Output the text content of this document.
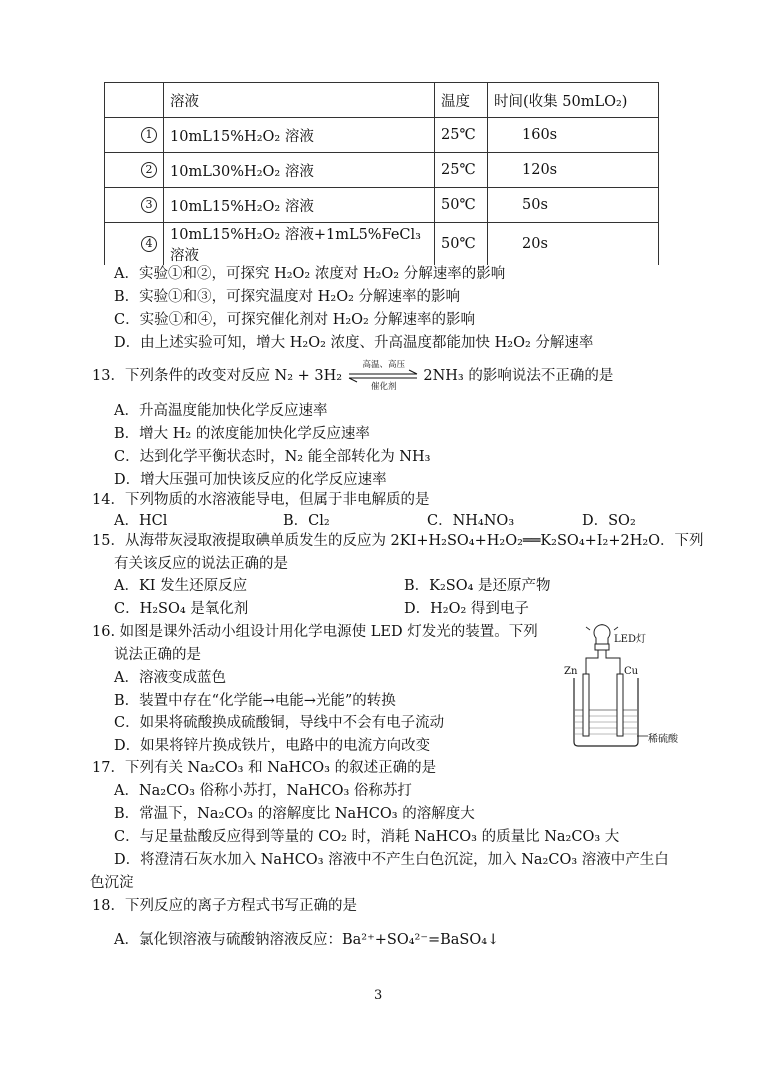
	溶液	温度	时间(收集 50mLO₂)
1	10mL15%H₂O₂ 溶液	25℃	160s
2	10mL30%H₂O₂ 溶液	25℃	120s
3	10mL15%H₂O₂ 溶液	50℃	50s
4	10mL15%H₂O₂ 溶液+1mL5%FeCl₃ 溶液	50℃	20s
A．实验①和②，可探究 H₂O₂ 浓度对 H₂O₂ 分解速率的影响
B．实验①和③，可探究温度对 H₂O₂ 分解速率的影响
C．实验①和④，可探究催化剂对 H₂O₂ 分解速率的影响
D．由上述实验可知，增大 H₂O₂ 浓度、升高温度都能加快 H₂O₂ 分解速率
13．下列条件的改变对反应 N₂ + 3H₂
高温、高压
催化剂
2NH₃ 的影响说法不正确的是
A．升高温度能加快化学反应速率
B．增大 H₂ 的浓度能加快化学反应速率
C．达到化学平衡状态时，N₂ 能全部转化为 NH₃
D．增大压强可加快该反应的化学反应速率
14．下列物质的水溶液能导电，但属于非电解质的是
A．HCl	B．Cl₂	C．NH₄NO₃	D．SO₂
15．从海带灰浸取液提取碘单质发生的反应为 2KI+H₂SO₄+H₂O₂══K₂SO₄+I₂+2H₂O．下列
有关该反应的说法正确的是
A．KI 发生还原反应	B．K₂SO₄ 是还原产物
C．H₂SO₄ 是氧化剂	D．H₂O₂ 得到电子
16. 如图是课外活动小组设计用化学电源使 LED 灯发光的装置。下列
说法正确的是
A．溶液变成蓝色
B．装置中存在“化学能→电能→光能”的转换
C．如果将硫酸换成硫酸铜，导线中不会有电子流动
D．如果将锌片换成铁片，电路中的电流方向改变
LED灯
Zn	Cu
稀硫酸
17．下列有关 Na₂CO₃ 和 NaHCO₃ 的叙述正确的是
A．Na₂CO₃ 俗称小苏打，NaHCO₃ 俗称苏打
B．常温下，Na₂CO₃ 的溶解度比 NaHCO₃ 的溶解度大
C．与足量盐酸反应得到等量的 CO₂ 时，消耗 NaHCO₃ 的质量比 Na₂CO₃ 大
D．将澄清石灰水加入 NaHCO₃ 溶液中不产生白色沉淀，加入 Na₂CO₃ 溶液中产生白
色沉淀
18．下列反应的离子方程式书写正确的是
A．氯化钡溶液与硫酸钠溶液反应：Ba²⁺+SO₄²⁻=BaSO₄↓
3
